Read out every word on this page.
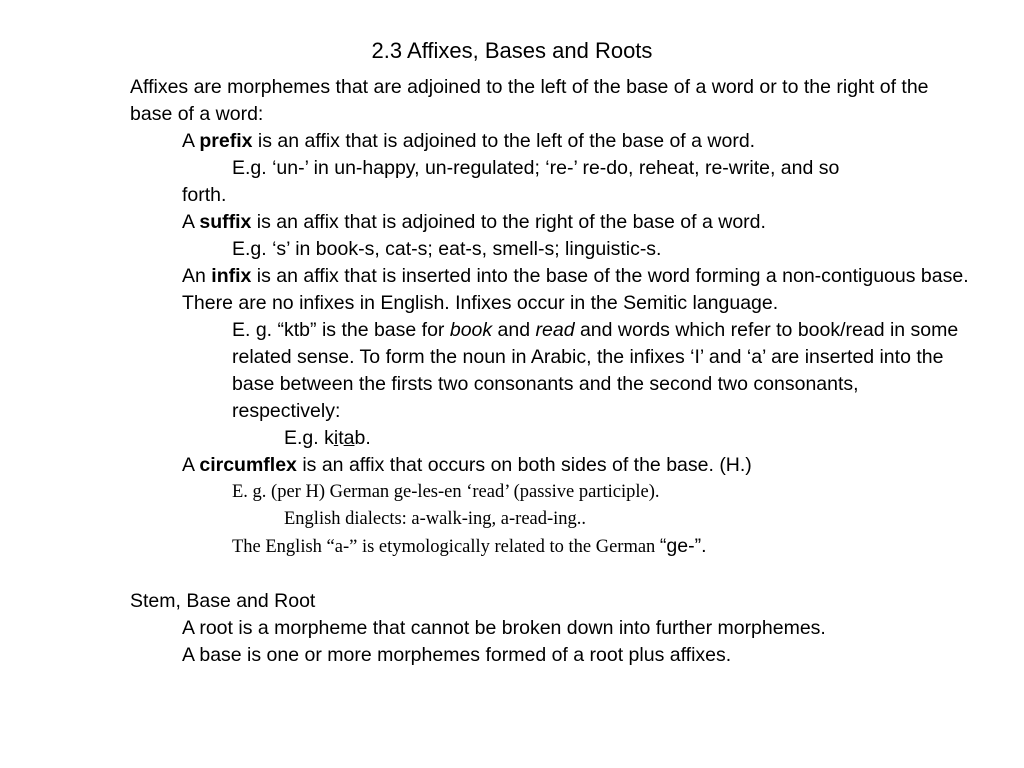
2.3 Affixes, Bases and Roots
Affixes are morphemes that are adjoined to the left of the base of a word or to the right of the base of a word:
A prefix is an affix that is adjoined to the left of the base of a word.
E.g. ‘un-’ in un-happy, un-regulated; ‘re-’ re-do, reheat, re-write, and so
forth.
A suffix is an affix that is adjoined to the right of the base of a word.
E.g. ‘s’ in book-s, cat-s; eat-s, smell-s; linguistic-s.
An infix is an affix that is inserted into the base of the word forming a non-contiguous base. There are no infixes in English. Infixes occur in the Semitic language.
E. g. “ktb” is the base for book and read and words which refer to book/read in some related sense. To form the noun in Arabic, the infixes ‘I’ and ‘a’ are inserted into the base between the firsts two consonants and the second two consonants, respectively:
E.g. kitab.
A circumflex is an affix that occurs on both sides of the base. (H.)
E. g. (per H) German ge-les-en ‘read’ (passive participle).
English dialects: a-walk-ing, a-read-ing..
The English “a-” is etymologically related to the German “ge-”.
Stem, Base and Root
A root is a morpheme that cannot be broken down into further morphemes.
A base is one or more morphemes formed of a root plus affixes.
